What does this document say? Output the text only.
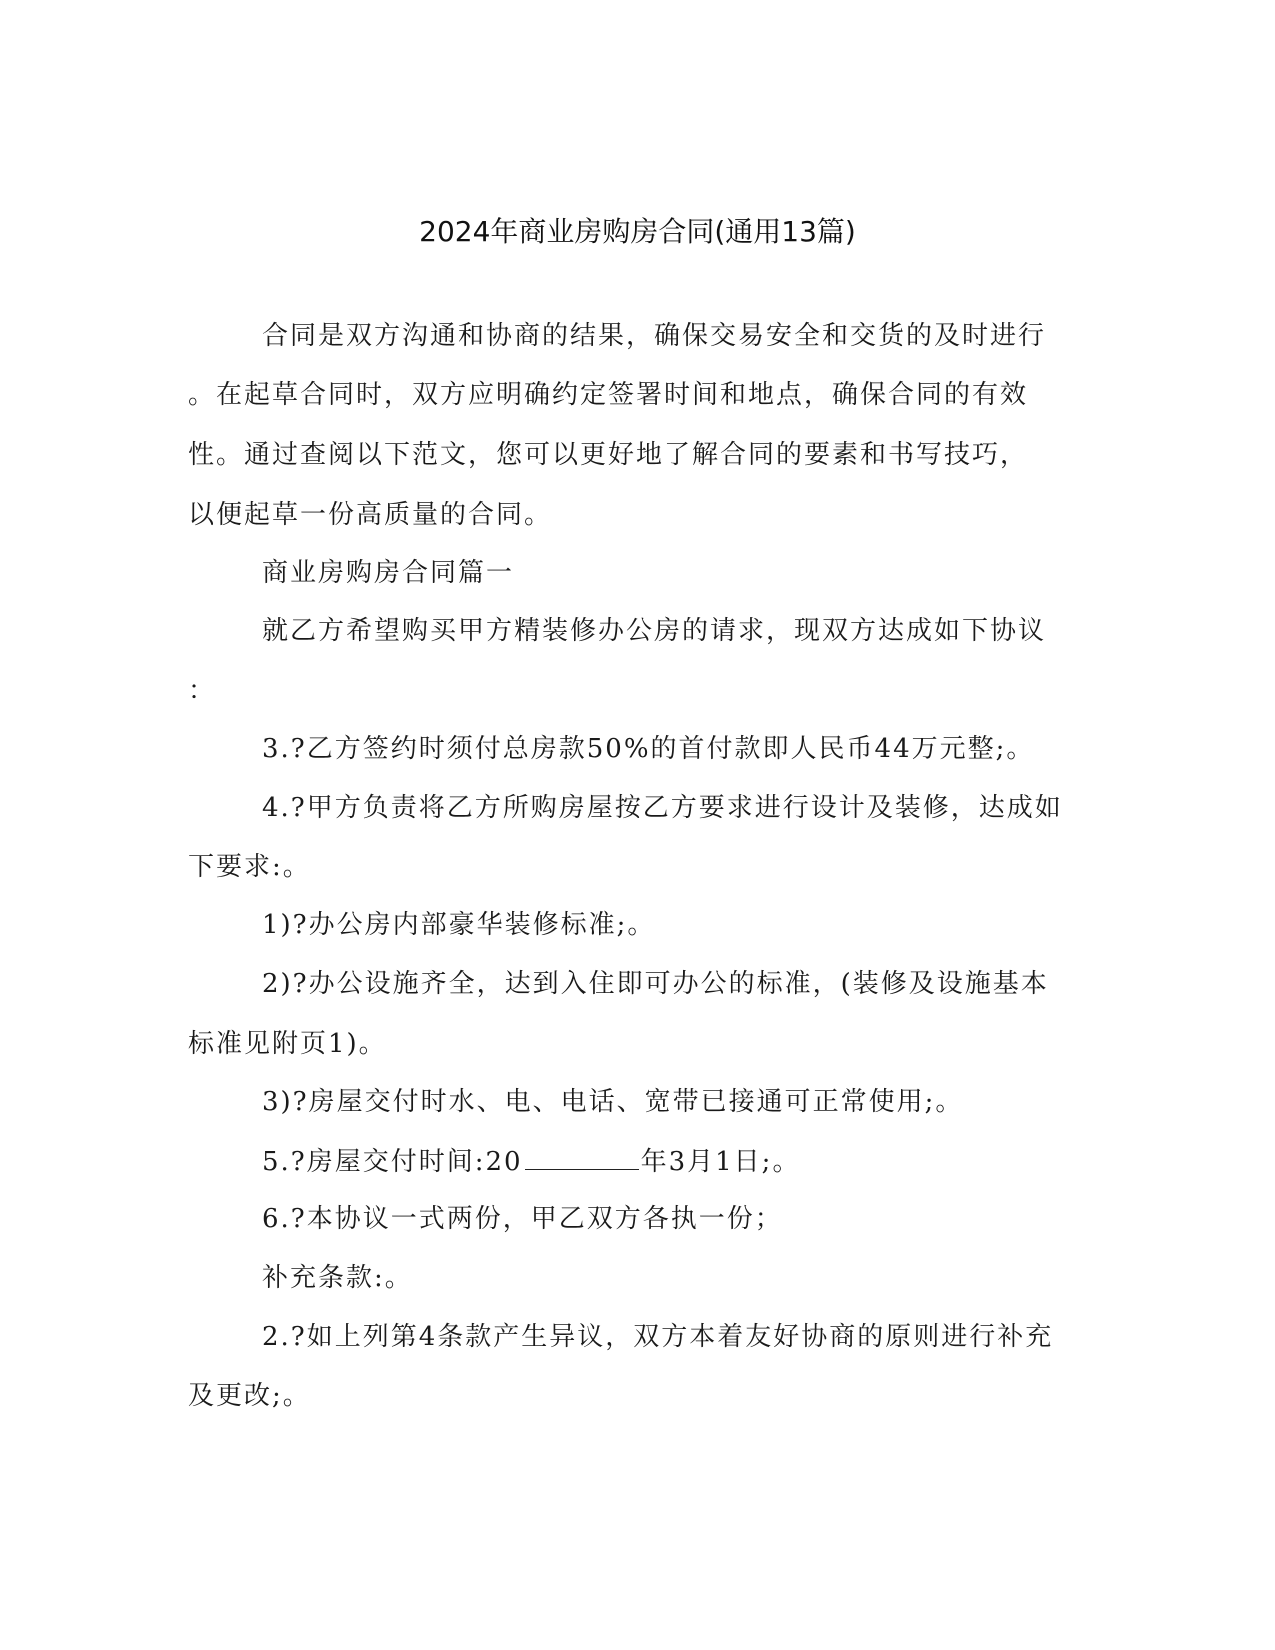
2024年商业房购房合同(通用13篇)
合同是双方沟通和协商的结果，确保交易安全和交货的及时进行
。在起草合同时，双方应明确约定签署时间和地点，确保合同的有效
性。通过查阅以下范文，您可以更好地了解合同的要素和书写技巧，
以便起草一份高质量的合同。
商业房购房合同篇一
就乙方希望购买甲方精装修办公房的请求，现双方达成如下协议
：
3.?乙方签约时须付总房款50%的首付款即人民币44万元整;。
4.?甲方负责将乙方所购房屋按乙方要求进行设计及装修，达成如
下要求:。
1)?办公房内部豪华装修标准;。
2)?办公设施齐全，达到入住即可办公的标准，(装修及设施基本
标准见附页1)。
3)?房屋交付时水、电、电话、宽带已接通可正常使用;。
5.?房屋交付时间:20	年3月1日;。
6.?本协议一式两份，甲乙双方各执一份；
补充条款:。
2.?如上列第4条款产生异议，双方本着友好协商的原则进行补充
及更改;。
